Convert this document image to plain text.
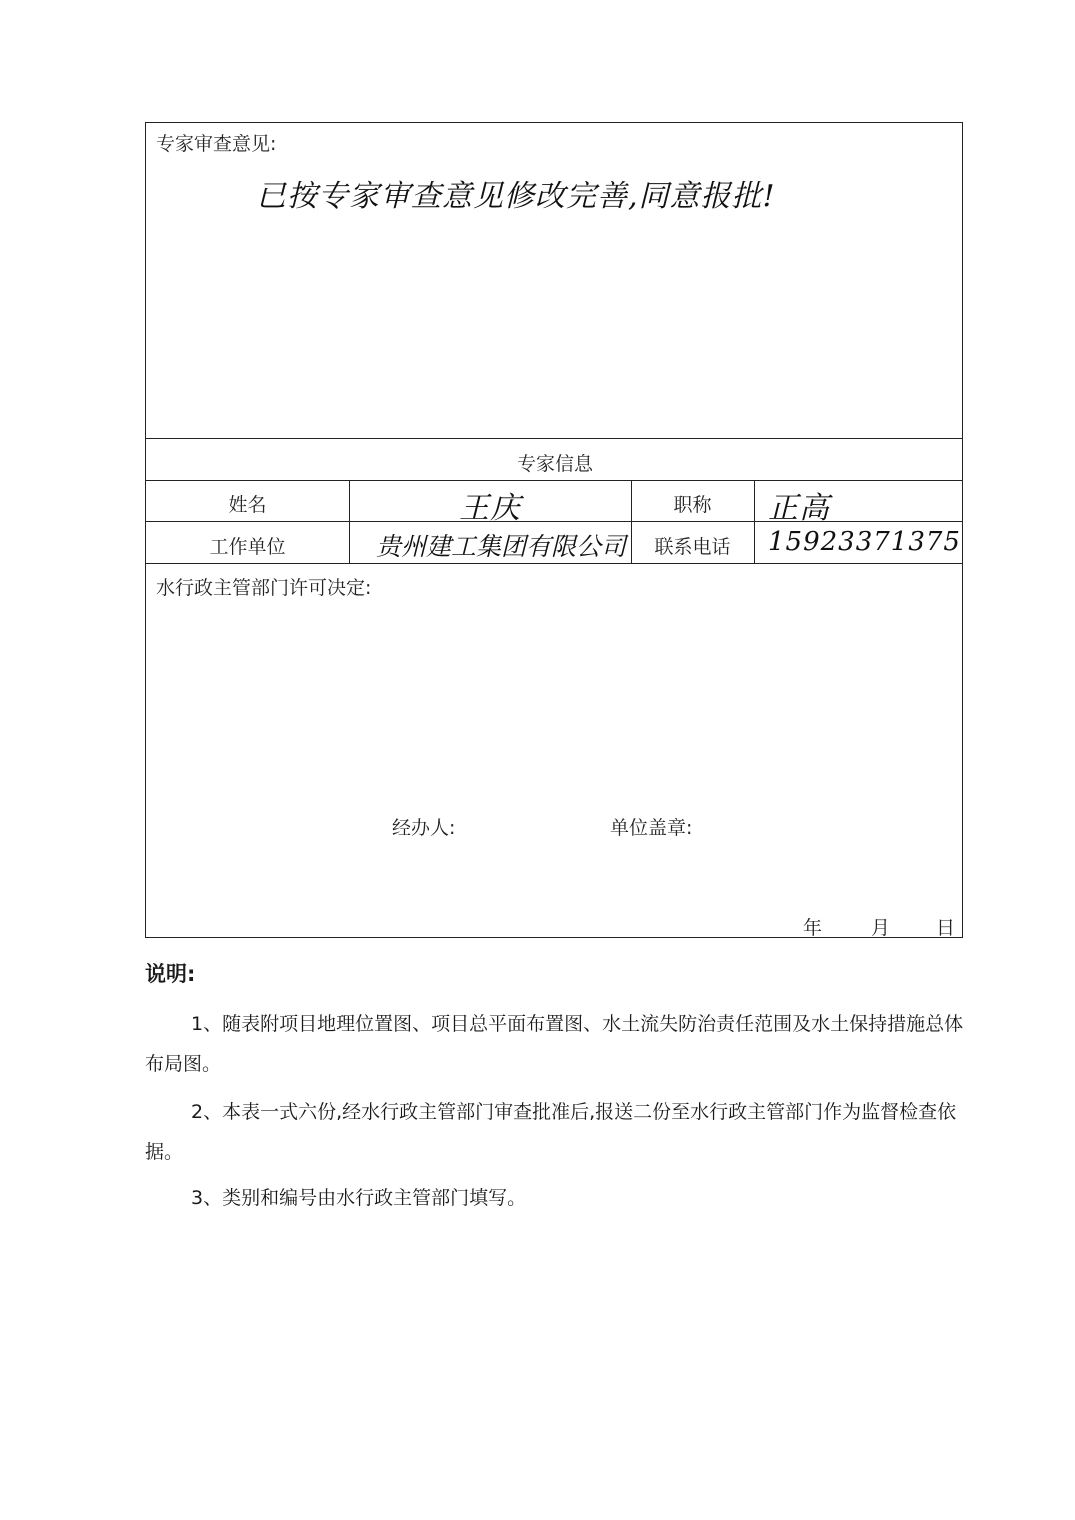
专家审查意见:
已按专家审查意见修改完善,同意报批!
专家信息
姓名	王庆	职称	正高
工作单位	贵州建工集团有限公司	联系电话	15923371375
水行政主管部门许可决定:
经办人:	单位盖章:
年	月 日
说明:
1、随表附项目地理位置图、项目总平面布置图、水土流失防治责任范围及水土保持措施总体布局图。
2、本表一式六份,经水行政主管部门审查批准后,报送二份至水行政主管部门作为监督检查依据。
3、类别和编号由水行政主管部门填写。
